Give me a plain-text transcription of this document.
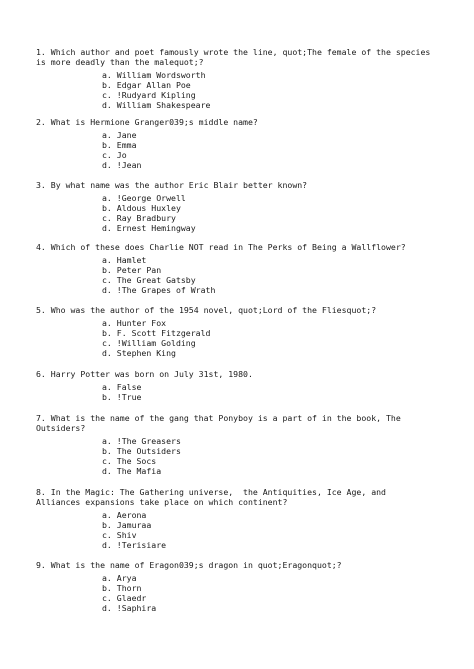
1. Which author and poet famously wrote the line, quot;The female of the species
is more deadly than the malequot;?
a. William Wordsworth
b. Edgar Allan Poe
c. !Rudyard Kipling
d. William Shakespeare
2. What is Hermione Granger039;s middle name?
a. Jane
b. Emma
c. Jo
d. !Jean
3. By what name was the author Eric Blair better known?
a. !George Orwell
b. Aldous Huxley
c. Ray Bradbury
d. Ernest Hemingway
4. Which of these does Charlie NOT read in The Perks of Being a Wallflower?
a. Hamlet
b. Peter Pan
c. The Great Gatsby
d. !The Grapes of Wrath
5. Who was the author of the 1954 novel, quot;Lord of the Fliesquot;?
a. Hunter Fox
b. F. Scott Fitzgerald
c. !William Golding
d. Stephen King
6. Harry Potter was born on July 31st, 1980.
a. False
b. !True
7. What is the name of the gang that Ponyboy is a part of in the book, The
Outsiders?
a. !The Greasers
b. The Outsiders
c. The Socs
d. The Mafia
8. In the Magic: The Gathering universe,  the Antiquities, Ice Age, and
Alliances expansions take place on which continent?
a. Aerona
b. Jamuraa
c. Shiv
d. !Terisiare
9. What is the name of Eragon039;s dragon in quot;Eragonquot;?
a. Arya
b. Thorn
c. Glaedr
d. !Saphira
